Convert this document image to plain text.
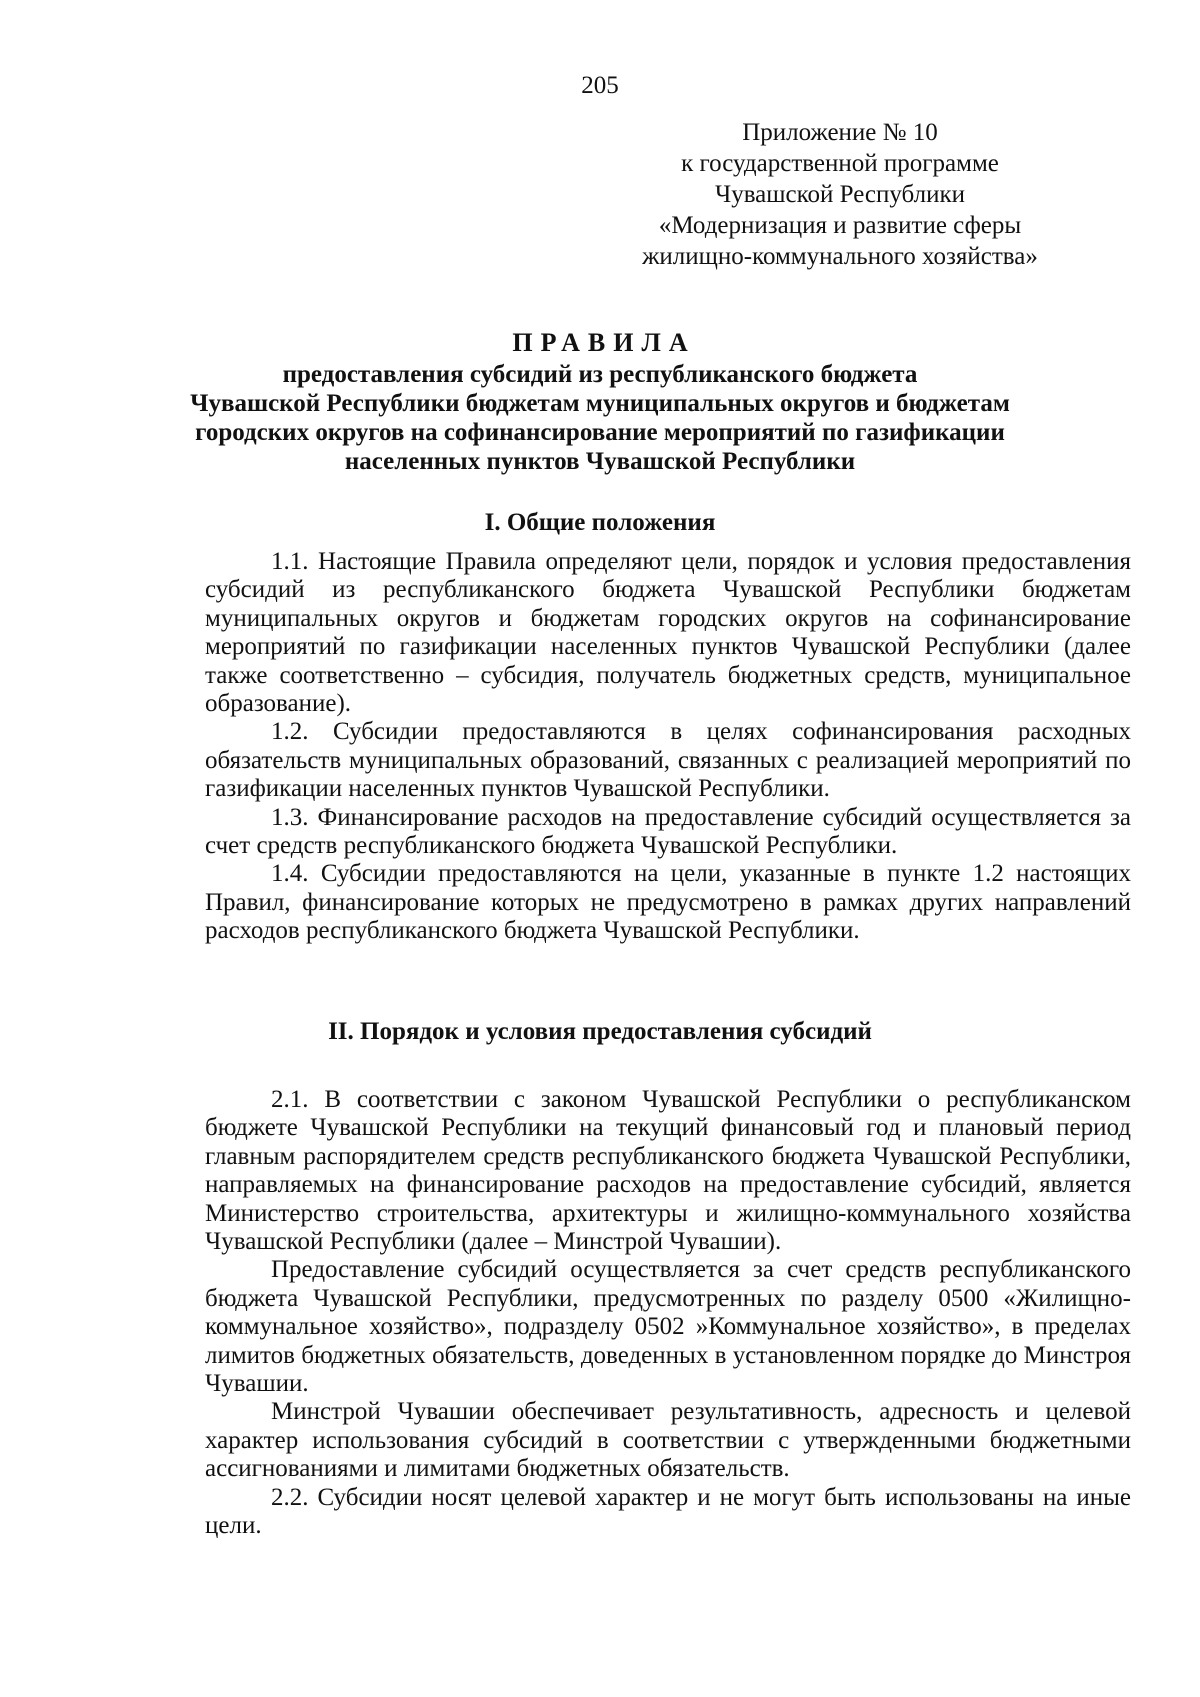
205
Приложение № 10
к государственной программе
Чувашской Республики
«Модернизация и развитие сферы
жилищно-коммунального хозяйства»
ПРАВИЛА
предоставления субсидий из республиканского бюджета
Чувашской Республики бюджетам муниципальных округов и бюджетам
городских округов на софинансирование мероприятий по газификации
населенных пунктов Чувашской Республики
I. Общие положения

1.1. Настоящие Правила определяют цели, порядок и условия предоставления субсидий из республиканского бюджета Чувашской Республики бюджетам муниципальных округов и бюджетам городских округов на софинансирование мероприятий по газификации населенных пунктов Чувашской Республики (далее также соответственно – субсидия, получатель бюджетных средств, муниципальное образование).

1.2. Субсидии предоставляются в целях софинансирования расходных обязательств муниципальных образований, связанных с реализацией мероприятий по газификации населенных пунктов Чувашской Республики.

1.3. Финансирование расходов на предоставление субсидий осуществляется за счет средств республиканского бюджета Чувашской Республики.

1.4. Субсидии предоставляются на цели, указанные в пункте 1.2 настоящих Правил, финансирование которых не предусмотрено в рамках других направлений расходов республиканского бюджета Чувашской Республики.

II. Порядок и условия предоставления субсидий

2.1. В соответствии с законом Чувашской Республики о республиканском бюджете Чувашской Республики на текущий финансовый год и плановый период главным распорядителем средств республиканского бюджета Чувашской Республики, направляемых на финансирование расходов на предоставление субсидий, является Министерство строительства, архитектуры и жилищно-коммунального хозяйства Чувашской Республики (далее – Минстрой Чувашии).

Предоставление субсидий осуществляется за счет средств республиканского бюджета Чувашской Республики, предусмотренных по разделу 0500 «Жилищно-коммунальное хозяйство», подразделу 0502 »Коммунальное хозяйство», в пределах лимитов бюджетных обязательств, доведенных в установленном порядке до Минстроя Чувашии.

Минстрой Чувашии обеспечивает результативность, адресность и целевой характер использования субсидий в соответствии с утвержденными бюджетными ассигнованиями и лимитами бюджетных обязательств.

2.2. Субсидии носят целевой характер и не могут быть использованы на иные цели.
